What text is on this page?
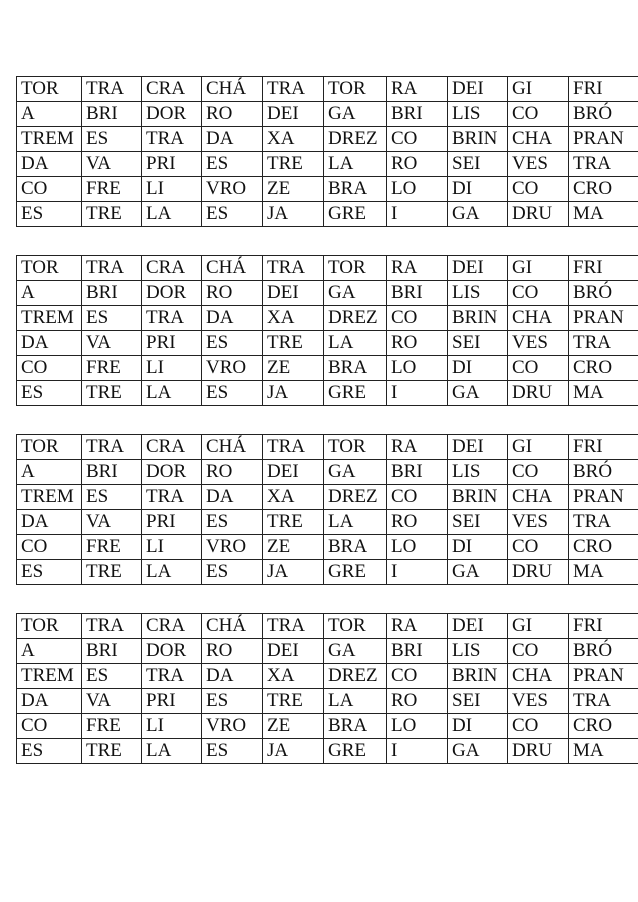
TOR	TRA	CRA	CHÁ	TRA	TOR	RA	DEI	GI	FRI
A	BRI	DOR	RO	DEI	GA	BRI	LIS	CO	BRÓ
TREM	ES	TRA	DA	XA	DREZ	CO	BRIN	CHA	PRAN
DA	VA	PRI	ES	TRE	LA	RO	SEI	VES	TRA
CO	FRE	LI	VRO	ZE	BRA	LO	DI	CO	CRO
ES	TRE	LA	ES	JA	GRE	I	GA	DRU	MA
TOR	TRA	CRA	CHÁ	TRA	TOR	RA	DEI	GI	FRI
A	BRI	DOR	RO	DEI	GA	BRI	LIS	CO	BRÓ
TREM	ES	TRA	DA	XA	DREZ	CO	BRIN	CHA	PRAN
DA	VA	PRI	ES	TRE	LA	RO	SEI	VES	TRA
CO	FRE	LI	VRO	ZE	BRA	LO	DI	CO	CRO
ES	TRE	LA	ES	JA	GRE	I	GA	DRU	MA
TOR	TRA	CRA	CHÁ	TRA	TOR	RA	DEI	GI	FRI
A	BRI	DOR	RO	DEI	GA	BRI	LIS	CO	BRÓ
TREM	ES	TRA	DA	XA	DREZ	CO	BRIN	CHA	PRAN
DA	VA	PRI	ES	TRE	LA	RO	SEI	VES	TRA
CO	FRE	LI	VRO	ZE	BRA	LO	DI	CO	CRO
ES	TRE	LA	ES	JA	GRE	I	GA	DRU	MA
TOR	TRA	CRA	CHÁ	TRA	TOR	RA	DEI	GI	FRI
A	BRI	DOR	RO	DEI	GA	BRI	LIS	CO	BRÓ
TREM	ES	TRA	DA	XA	DREZ	CO	BRIN	CHA	PRAN
DA	VA	PRI	ES	TRE	LA	RO	SEI	VES	TRA
CO	FRE	LI	VRO	ZE	BRA	LO	DI	CO	CRO
ES	TRE	LA	ES	JA	GRE	I	GA	DRU	MA
